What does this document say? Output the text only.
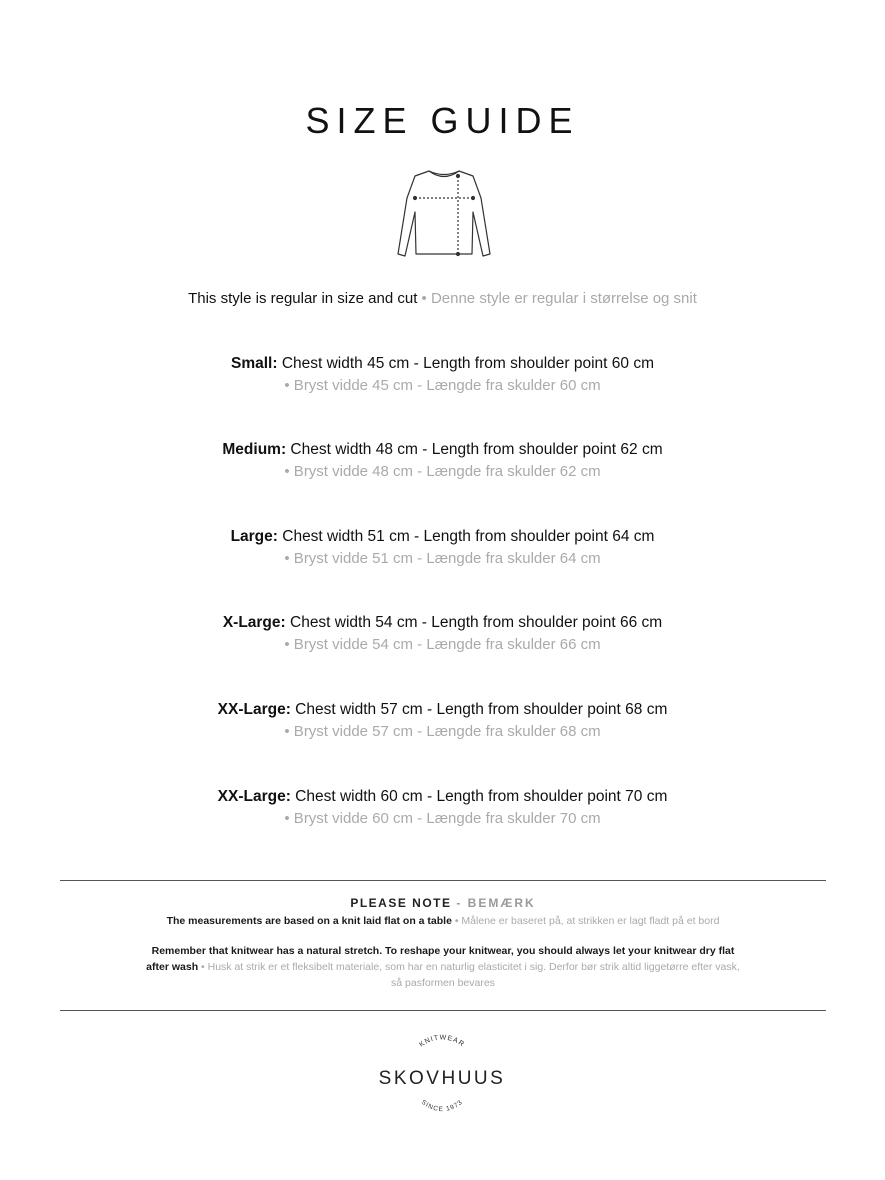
SIZE GUIDE
This style is regular in size and cut • Denne style er regular i størrelse og snit
Small: Chest width 45 cm - Length from shoulder point 60 cm
• Bryst vidde 45 cm - Længde fra skulder 60 cm
Medium: Chest width 48 cm - Length from shoulder point 62 cm
• Bryst vidde 48 cm - Længde fra skulder 62 cm
Large: Chest width 51 cm - Length from shoulder point 64 cm
• Bryst vidde 51 cm - Længde fra skulder 64 cm
X-Large: Chest width 54 cm - Length from shoulder point 66 cm
• Bryst vidde 54 cm - Længde fra skulder 66 cm
XX-Large: Chest width 57 cm - Length from shoulder point 68 cm
• Bryst vidde 57 cm - Længde fra skulder 68 cm
XX-Large: Chest width 60 cm - Length from shoulder point 70 cm
• Bryst vidde 60 cm - Længde fra skulder 70 cm
PLEASE NOTE - BEMÆRK
The measurements are based on a knit laid flat on a table • Målene er baseret på, at strikken er lagt fladt på et bord
Remember that knitwear has a natural stretch. To reshape your knitwear, you should always let your knitwear dry flat after wash • Husk at strik er et fleksibelt materiale, som har en naturlig elasticitet i sig. Derfor bør strik altid liggetørre efter vask, så pasformen bevares
KNITWEAR
SKOVHUUS
SINCE 1973
